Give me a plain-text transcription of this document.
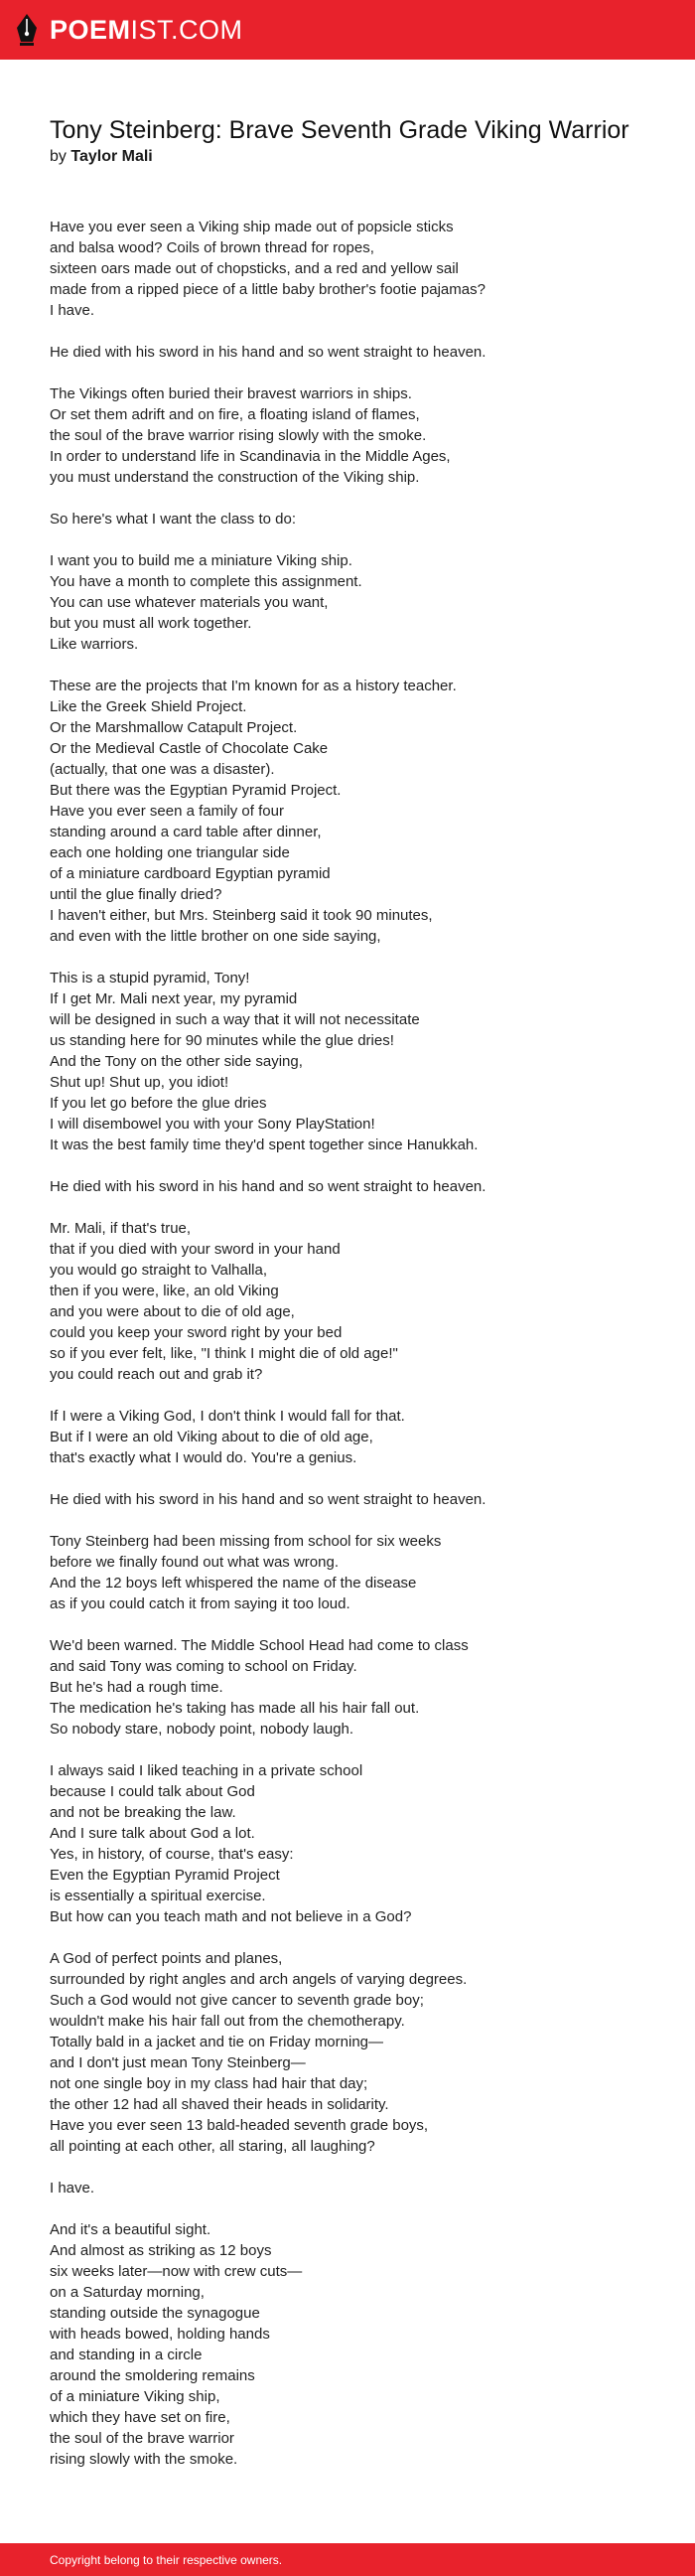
POEMIST.COM
Tony Steinberg: Brave Seventh Grade Viking Warrior
by Taylor Mali
Have you ever seen a Viking ship made out of popsicle sticks
and balsa wood? Coils of brown thread for ropes,
sixteen oars made out of chopsticks, and a red and yellow sail
made from a ripped piece of a little baby brother's footie pajamas?
I have.
He died with his sword in his hand and so went straight to heaven.
The Vikings often buried their bravest warriors in ships.
Or set them adrift and on fire, a floating island of flames,
the soul of the brave warrior rising slowly with the smoke.
In order to understand life in Scandinavia in the Middle Ages,
you must understand the construction of the Viking ship.
So here's what I want the class to do:
I want you to build me a miniature Viking ship.
You have a month to complete this assignment.
You can use whatever materials you want,
but you must all work together.
Like warriors.
These are the projects that I'm known for as a history teacher.
Like the Greek Shield Project.
Or the Marshmallow Catapult Project.
Or the Medieval Castle of Chocolate Cake
(actually, that one was a disaster).
But there was the Egyptian Pyramid Project.
Have you ever seen a family of four
standing around a card table after dinner,
each one holding one triangular side
of a miniature cardboard Egyptian pyramid
until the glue finally dried?
I haven't either, but Mrs. Steinberg said it took 90 minutes,
and even with the little brother on one side saying,
This is a stupid pyramid, Tony!
If I get Mr. Mali next year, my pyramid
will be designed in such a way that it will not necessitate
us standing here for 90 minutes while the glue dries!
And the Tony on the other side saying,
Shut up! Shut up, you idiot!
If you let go before the glue dries
I will disembowel you with your Sony PlayStation!
It was the best family time they'd spent together since Hanukkah.
He died with his sword in his hand and so went straight to heaven.
Mr. Mali, if that's true,
that if you died with your sword in your hand
you would go straight to Valhalla,
then if you were, like, an old Viking
and you were about to die of old age,
could you keep your sword right by your bed
so if you ever felt, like, "I think I might die of old age!"
you could reach out and grab it?
If I were a Viking God, I don't think I would fall for that.
But if I were an old Viking about to die of old age,
that's exactly what I would do. You're a genius.
He died with his sword in his hand and so went straight to heaven.
Tony Steinberg had been missing from school for six weeks
before we finally found out what was wrong.
And the 12 boys left whispered the name of the disease
as if you could catch it from saying it too loud.
We'd been warned. The Middle School Head had come to class
and said Tony was coming to school on Friday.
But he's had a rough time.
The medication he's taking has made all his hair fall out.
So nobody stare, nobody point, nobody laugh.
I always said I liked teaching in a private school
because I could talk about God
and not be breaking the law.
And I sure talk about God a lot.
Yes, in history, of course, that's easy:
Even the Egyptian Pyramid Project
is essentially a spiritual exercise.
But how can you teach math and not believe in a God?
A God of perfect points and planes,
surrounded by right angles and arch angels of varying degrees.
Such a God would not give cancer to seventh grade boy;
wouldn't make his hair fall out from the chemotherapy.
Totally bald in a jacket and tie on Friday morning—
and I don't just mean Tony Steinberg—
not one single boy in my class had hair that day;
the other 12 had all shaved their heads in solidarity.
Have you ever seen 13 bald-headed seventh grade boys,
all pointing at each other, all staring, all laughing?
I have.
And it's a beautiful sight.
And almost as striking as 12 boys
six weeks later—now with crew cuts—
on a Saturday morning,
standing outside the synagogue
with heads bowed, holding hands
and standing in a circle
around the smoldering remains
of a miniature Viking ship,
which they have set on fire,
the soul of the brave warrior
rising slowly with the smoke.
Copyright belong to their respective owners.
